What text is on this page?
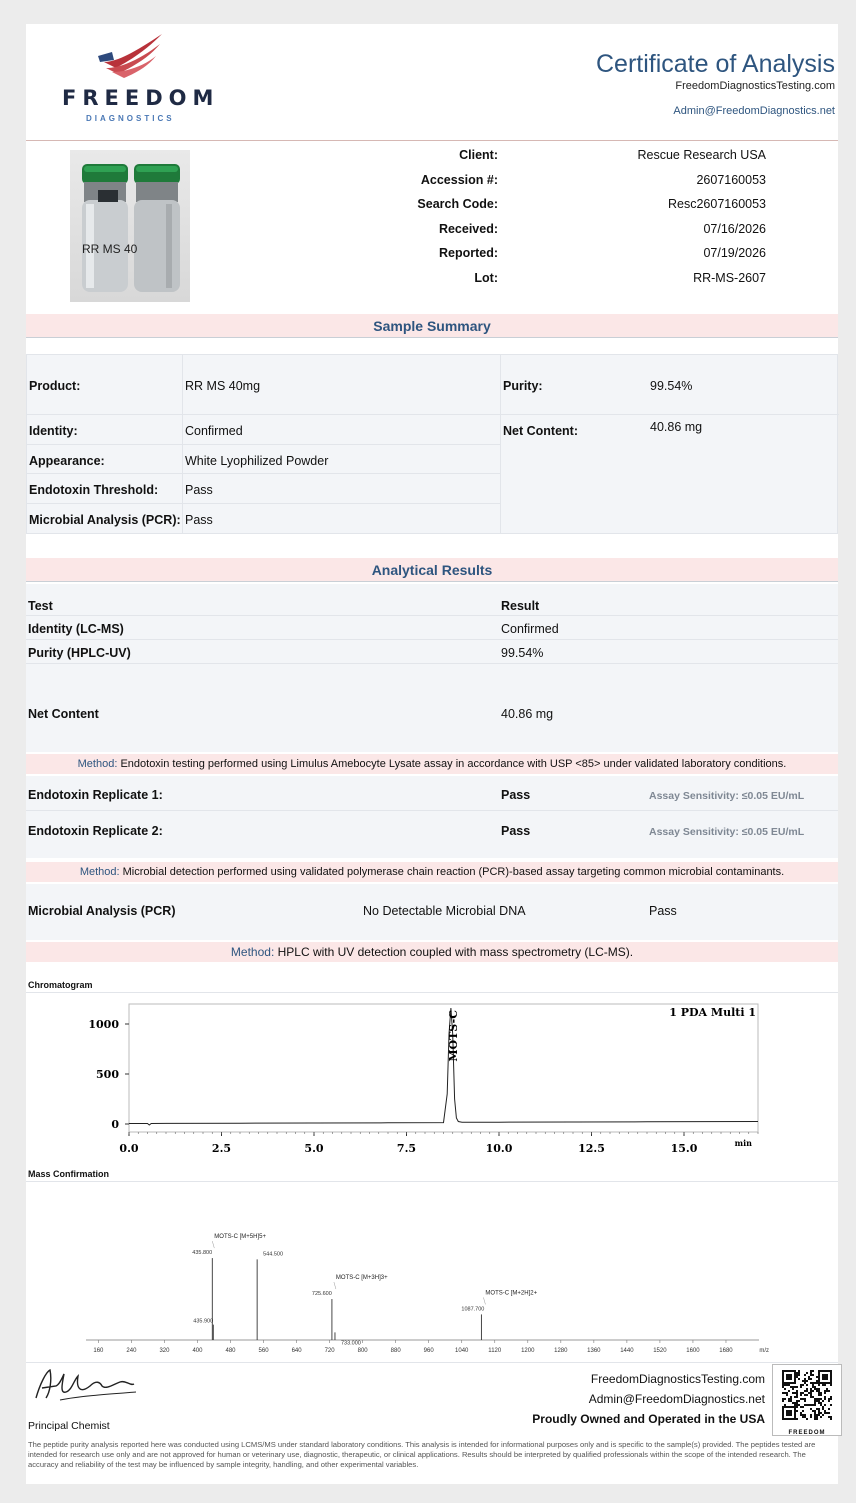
FREEDOM
DIAGNOSTICS
Certificate of Analysis
FreedomDiagnosticsTesting.com
Admin@FreedomDiagnostics.net
RR MS 40
Client:	Rescue Research USA
Accession #:	2607160053
Search Code:	Resc2607160053
Received:	07/16/2026
Reported:	07/19/2026
Lot:	RR-MS-2607
Sample Summary
Product:	RR MS 40mg	Purity:	99.54%
Identity:	Confirmed	Net Content:	40.86 mg
Appearance:	White Lyophilized Powder
Endotoxin Threshold: Pass
Microbial Analysis (PCR): Pass
Analytical Results
Test	Result
Identity (LC-MS)	Confirmed
Purity (HPLC-UV)	99.54%
Net Content	40.86 mg
Method: Endotoxin testing performed using Limulus Amebocyte Lysate assay in accordance with USP <85> under validated laboratory conditions.
Endotoxin Replicate 1:	Pass	Assay Sensitivity: ≤0.05 EU/mL
Endotoxin Replicate 2:	Pass	Assay Sensitivity: ≤0.05 EU/mL
Method: Microbial detection performed using validated polymerase chain reaction (PCR)-based assay targeting common microbial contaminants.
Microbial Analysis (PCR)	No Detectable Microbial DNA	Pass
Method: HPLC with UV detection coupled with mass spectrometry (LC-MS).
Chromatogram
0
500
1000
0.0	2.5	5.0	7.5	10.0	12.5	15.0	min
1 PDA Multi 1
MOTS-C
Mass Confirmation
160	240	320	400	480	560	640	720	800	880	960	1040	1120	1200	1280	1360	1440	1520	1600	1680	m/z
435.800
435.900
544.500
725.600
733.000
1087.700
MOTS-C [M+5H]5+
MOTS-C [M+3H]3+
MOTS-C [M+2H]2+
Principal Chemist
FreedomDiagnosticsTesting.com
Admin@FreedomDiagnostics.net
Proudly Owned and Operated in the USA
FREEDOM
The peptide purity analysis reported here was conducted using LCMS/MS under standard laboratory conditions. This analysis is intended for informational purposes only and is specific to the sample(s) provided. The peptides tested are intended for research use only and are not approved for human or veterinary use, diagnostic, therapeutic, or clinical applications. Results should be interpreted by qualified professionals within the scope of the intended research. The accuracy and reliability of the test may be influenced by sample integrity, handling, and other experimental variables.
